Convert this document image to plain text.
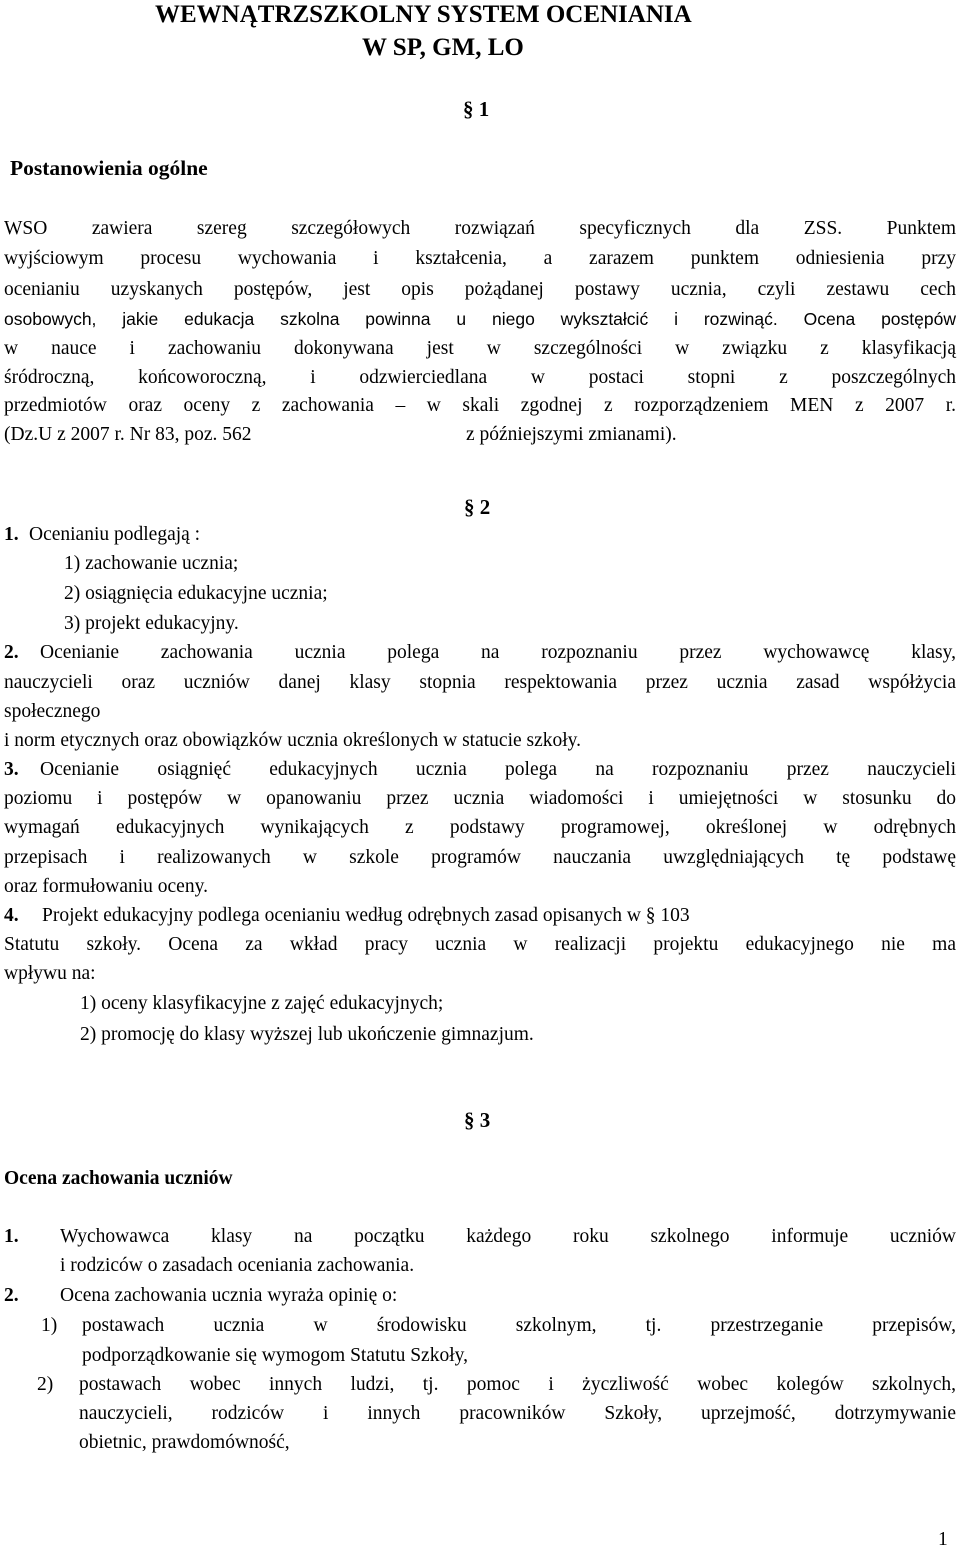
WEWNĄTRZSZKOLNY SYSTEM OCENIANIA
W SP, GM, LO
§ 1
Postanowienia ogólne
WSO zawiera szereg szczegółowych rozwiązań specyficznych dla ZSS. Punktem
wyjściowym procesu wychowania i kształcenia, a zarazem punktem odniesienia przy
ocenianiu uzyskanych postępów, jest opis pożądanej postawy ucznia, czyli zestawu cech
osobowych, jakie edukacja szkolna powinna u niego wykształcić i rozwinąć. Ocena postępów
w nauce i zachowaniu dokonywana jest w szczególności w związku z klasyfikacją
śródroczną, końcoworoczną, i odzwierciedlana w postaci stopni z poszczególnych
przedmiotów oraz oceny z zachowania – w skali zgodnej z rozporządzeniem MEN z 2007 r.
(Dz.U z 2007 r. Nr 83, poz. 562	z późniejszymi zmianami).
§ 2
1. Ocenianiu podlegają :
1) zachowanie ucznia;
2) osiągnięcia edukacyjne ucznia;
3) projekt edukacyjny.
2. Ocenianie zachowania ucznia polega na rozpoznaniu przez wychowawcę klasy,
nauczycieli oraz uczniów danej klasy stopnia respektowania przez ucznia zasad współżycia
społecznego
i norm etycznych oraz obowiązków ucznia określonych w statucie szkoły.
3. Ocenianie osiągnięć edukacyjnych ucznia polega na rozpoznaniu przez nauczycieli
poziomu i postępów w opanowaniu przez ucznia wiadomości i umiejętności w stosunku do
wymagań edukacyjnych wynikających z podstawy programowej, określonej w odrębnych
przepisach i realizowanych w szkole programów nauczania uwzględniających tę podstawę
oraz formułowaniu oceny.
4. Projekt edukacyjny podlega ocenianiu według odrębnych zasad opisanych w § 103
Statutu szkoły. Ocena za wkład pracy ucznia w realizacji projektu edukacyjnego nie ma
wpływu na:
1) oceny klasyfikacyjne z zajęć edukacyjnych;
2) promocję do klasy wyższej lub ukończenie gimnazjum.
§ 3
Ocena zachowania uczniów
1. Wychowawca klasy na początku każdego roku szkolnego informuje uczniów
i rodziców o zasadach oceniania zachowania.
2. Ocena zachowania ucznia wyraża opinię o:
1) postawach ucznia w środowisku szkolnym, tj. przestrzeganie przepisów,
podporządkowanie się wymogom Statutu Szkoły,
2) postawach wobec innych ludzi, tj. pomoc i życzliwość wobec kolegów szkolnych,
nauczycieli, rodziców i innych pracowników Szkoły, uprzejmość, dotrzymywanie
obietnic, prawdomówność,
1
